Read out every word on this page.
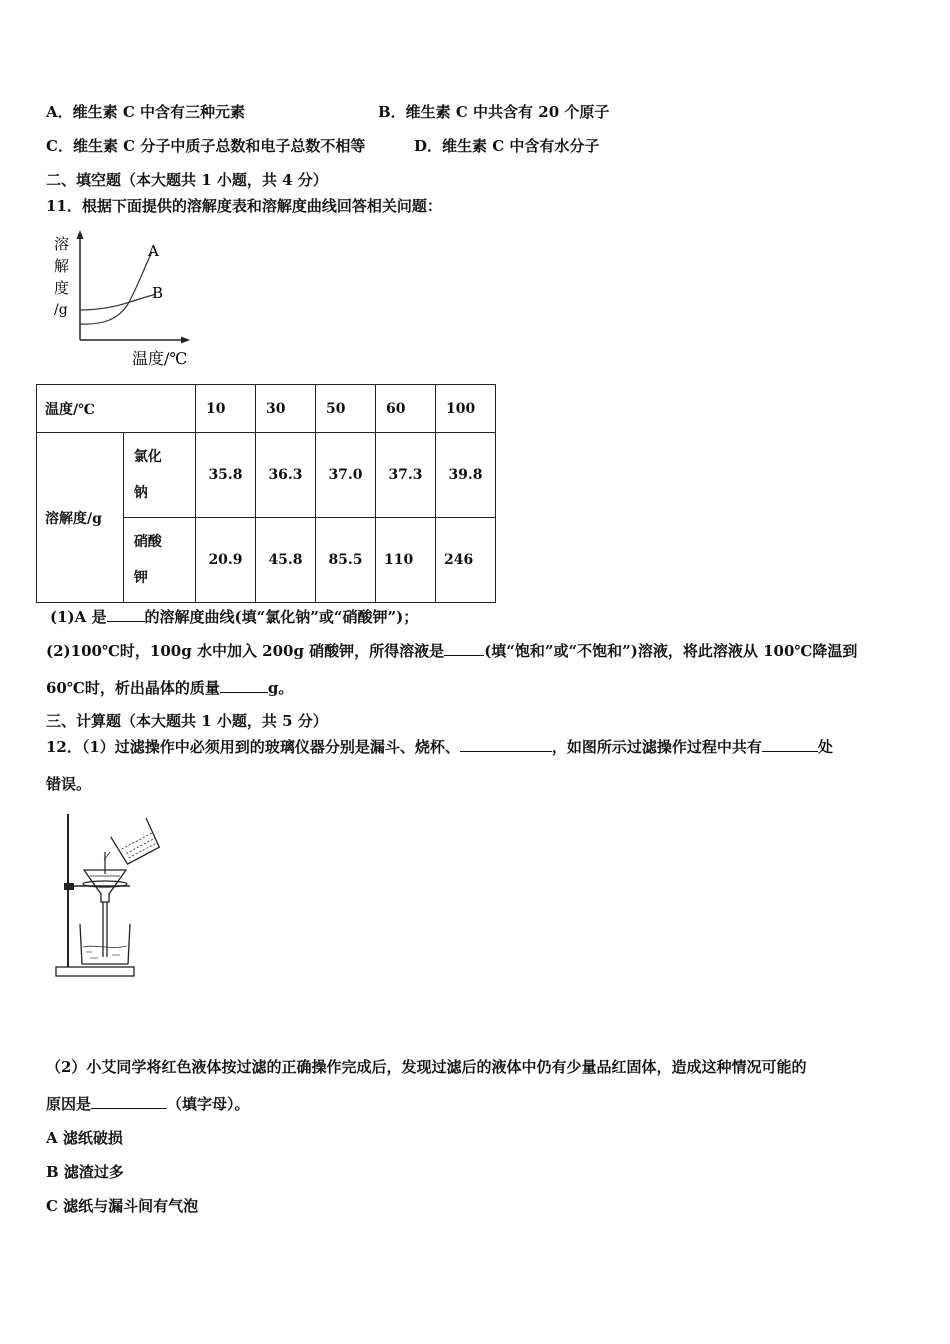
A．维生素 C 中含有三种元素	B．维生素 C 中共含有 20 个原子
C．维生素 C 分子中质子总数和电子总数不相等	D．维生素 C 中含有水分子
二、填空题（本大题共 1 小题，共 4 分）
11．根据下面提供的溶解度表和溶解度曲线回答相关问题：
溶
解
度
/g
A
B
温度/℃
温度/℃		10	30	50	60	100
溶解度/g	氯化
钠	35.8	36.3	37.0	37.3	39.8
	硝酸
钾	20.9	45.8	85.5	110	246
(1)A 是	的溶解度曲线(填“氯化钠”或“硝酸钾”)；
(2)100℃时，100g 水中加入 200g 硝酸钾，所得溶液是	(填“饱和”或“不饱和”)溶液，将此溶液从 100℃降温到
60℃时，析出晶体的质量	g。
三、计算题（本大题共 1 小题，共 5 分）
12．（1）过滤操作中必须用到的玻璃仪器分别是漏斗、烧杯、	，如图所示过滤操作过程中共有	处
错误。
（2）小艾同学将红色液体按过滤的正确操作完成后，发现过滤后的液体中仍有少量品红固体，造成这种情况可能的
原因是	（填字母）。
A 滤纸破损
B 滤渣过多
C 滤纸与漏斗间有气泡
